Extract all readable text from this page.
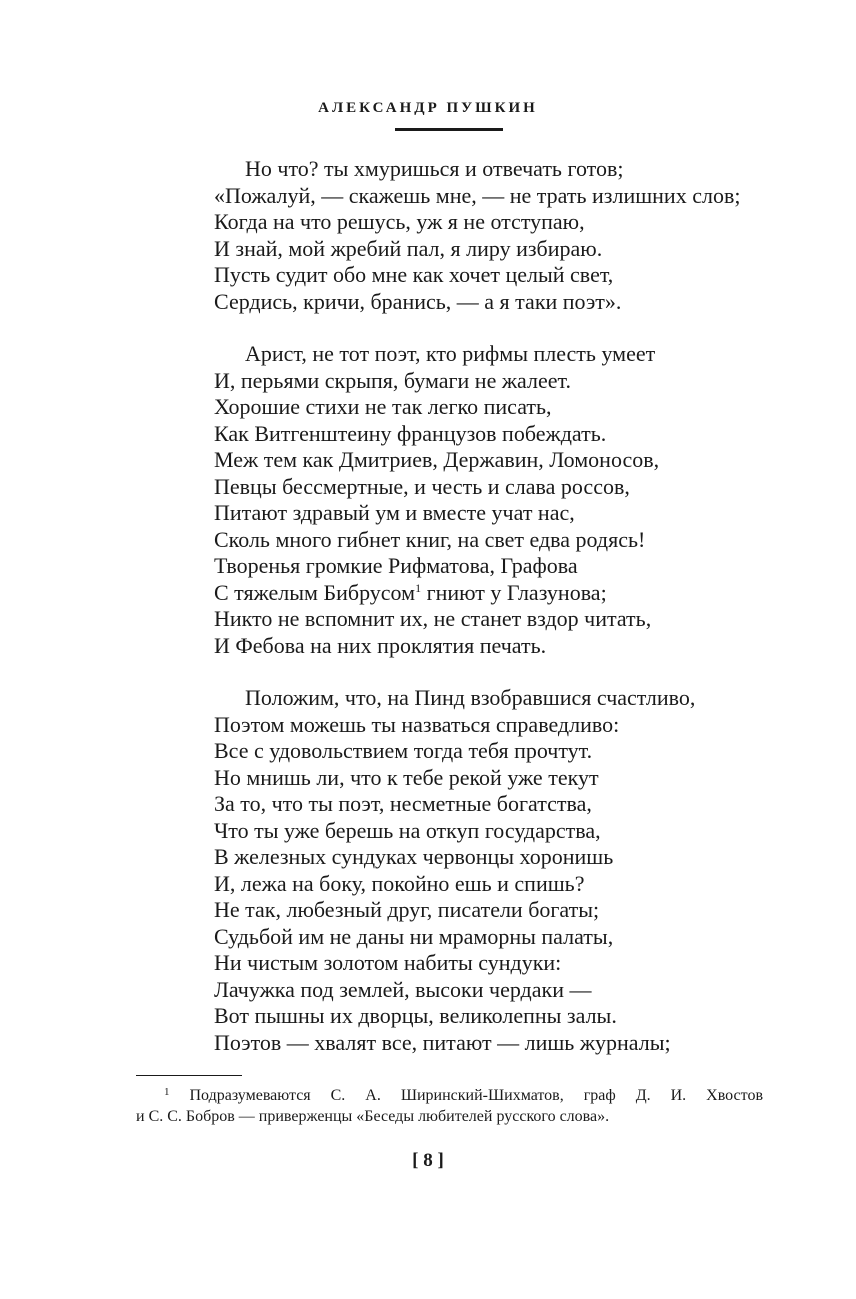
АЛЕКСАНДР ПУШКИН
Но что? ты хмуришься и отвечать готов;
«Пожалуй, — скажешь мне, — не трать излишних слов;
Когда на что решусь, уж я не отступаю,
И знай, мой жребий пал, я лиру избираю.
Пусть судит обо мне как хочет целый свет,
Сердись, кричи, бранись, — а я таки поэт».
Арист, не тот поэт, кто рифмы плесть умеет
И, перьями скрыпя, бумаги не жалеет.
Хорошие стихи не так легко писать,
Как Витгенштеину французов побеждать.
Меж тем как Дмитриев, Державин, Ломоносов,
Певцы бессмертные, и честь и слава россов,
Питают здравый ум и вместе учат нас,
Сколь много гибнет книг, на свет едва родясь!
Творенья громкие Рифматова, Графова
С тяжелым Бибрусом$^1$ гниют у Глазунова;
Никто не вспомнит их, не станет вздор читать,
И Фебова на них проклятия печать.
Положим, что, на Пинд взобравшися счастливо,
Поэтом можешь ты назваться справедливо:
Все с удовольствием тогда тебя прочтут.
Но мнишь ли, что к тебе рекой уже текут
За то, что ты поэт, несметные богатства,
Что ты уже берешь на откуп государства,
В железных сундуках червонцы хоронишь
И, лежа на боку, покойно ешь и спишь?
Не так, любезный друг, писатели богаты;
Судьбой им не даны ни мраморны палаты,
Ни чистым золотом набиты сундуки:
Лачужка под землей, высоки чердаки —
Вот пышны их дворцы, великолепны залы.
Поэтов — хвалят все, питают — лишь журналы;
$^1$ Подразумеваются С. А. Ширинский-Шихматов, граф Д. И. Хвостов
и С. С. Бобров — приверженцы «Беседы любителей русского слова».
[ 8 ]
